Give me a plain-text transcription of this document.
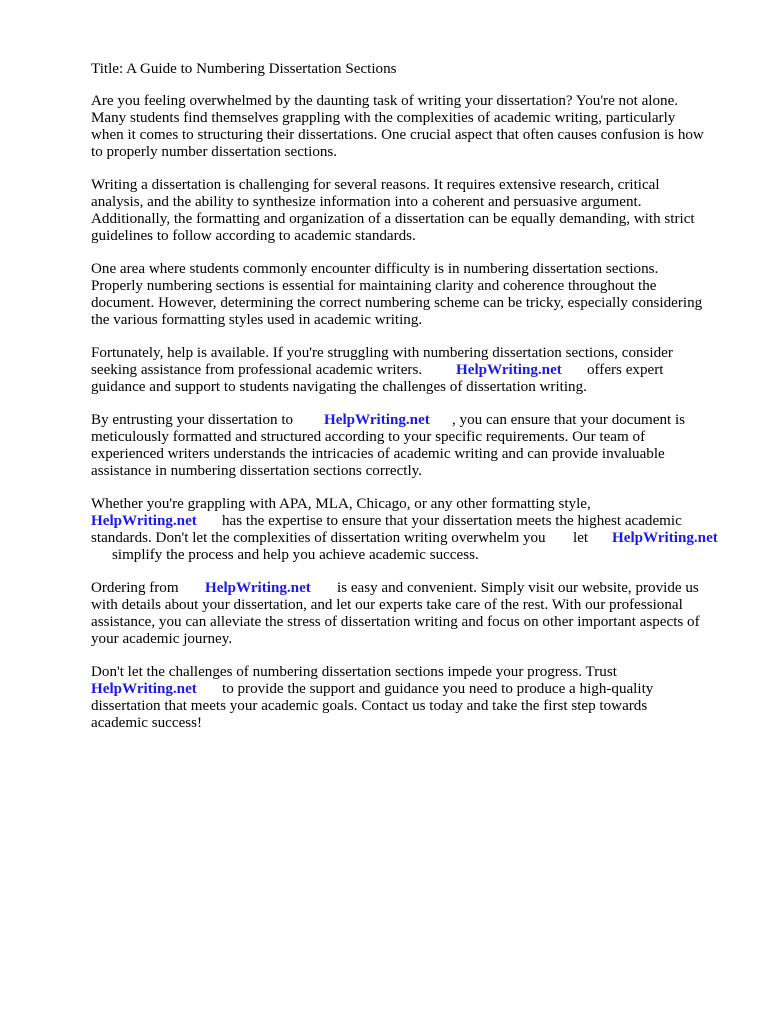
Title: A Guide to Numbering Dissertation Sections
Are you feeling overwhelmed by the daunting task of writing your dissertation? You're not alone.
Many students find themselves grappling with the complexities of academic writing, particularly
when it comes to structuring their dissertations. One crucial aspect that often causes confusion is how
to properly number dissertation sections.
Writing a dissertation is challenging for several reasons. It requires extensive research, critical
analysis, and the ability to synthesize information into a coherent and persuasive argument.
Additionally, the formatting and organization of a dissertation can be equally demanding, with strict
guidelines to follow according to academic standards.
One area where students commonly encounter difficulty is in numbering dissertation sections.
Properly numbering sections is essential for maintaining clarity and coherence throughout the
document. However, determining the correct numbering scheme can be tricky, especially considering
the various formatting styles used in academic writing.
Fortunately, help is available. If you're struggling with numbering dissertation sections, consider
seeking assistance from professional academic writers. HelpWriting.net offers expert
guidance and support to students navigating the challenges of dissertation writing.
By entrusting your dissertation to HelpWriting.net , you can ensure that your document is
meticulously formatted and structured according to your specific requirements. Our team of
experienced writers understands the intricacies of academic writing and can provide invaluable
assistance in numbering dissertation sections correctly.
Whether you're grappling with APA, MLA, Chicago, or any other formatting style,
HelpWriting.net has the expertise to ensure that your dissertation meets the highest academic
standards. Don't let the complexities of dissertation writing overwhelm you let HelpWriting.net
simplify the process and help you achieve academic success.
Ordering from HelpWriting.net is easy and convenient. Simply visit our website, provide us
with details about your dissertation, and let our experts take care of the rest. With our professional
assistance, you can alleviate the stress of dissertation writing and focus on other important aspects of
your academic journey.
Don't let the challenges of numbering dissertation sections impede your progress. Trust
HelpWriting.net to provide the support and guidance you need to produce a high-quality
dissertation that meets your academic goals. Contact us today and take the first step towards
academic success!
